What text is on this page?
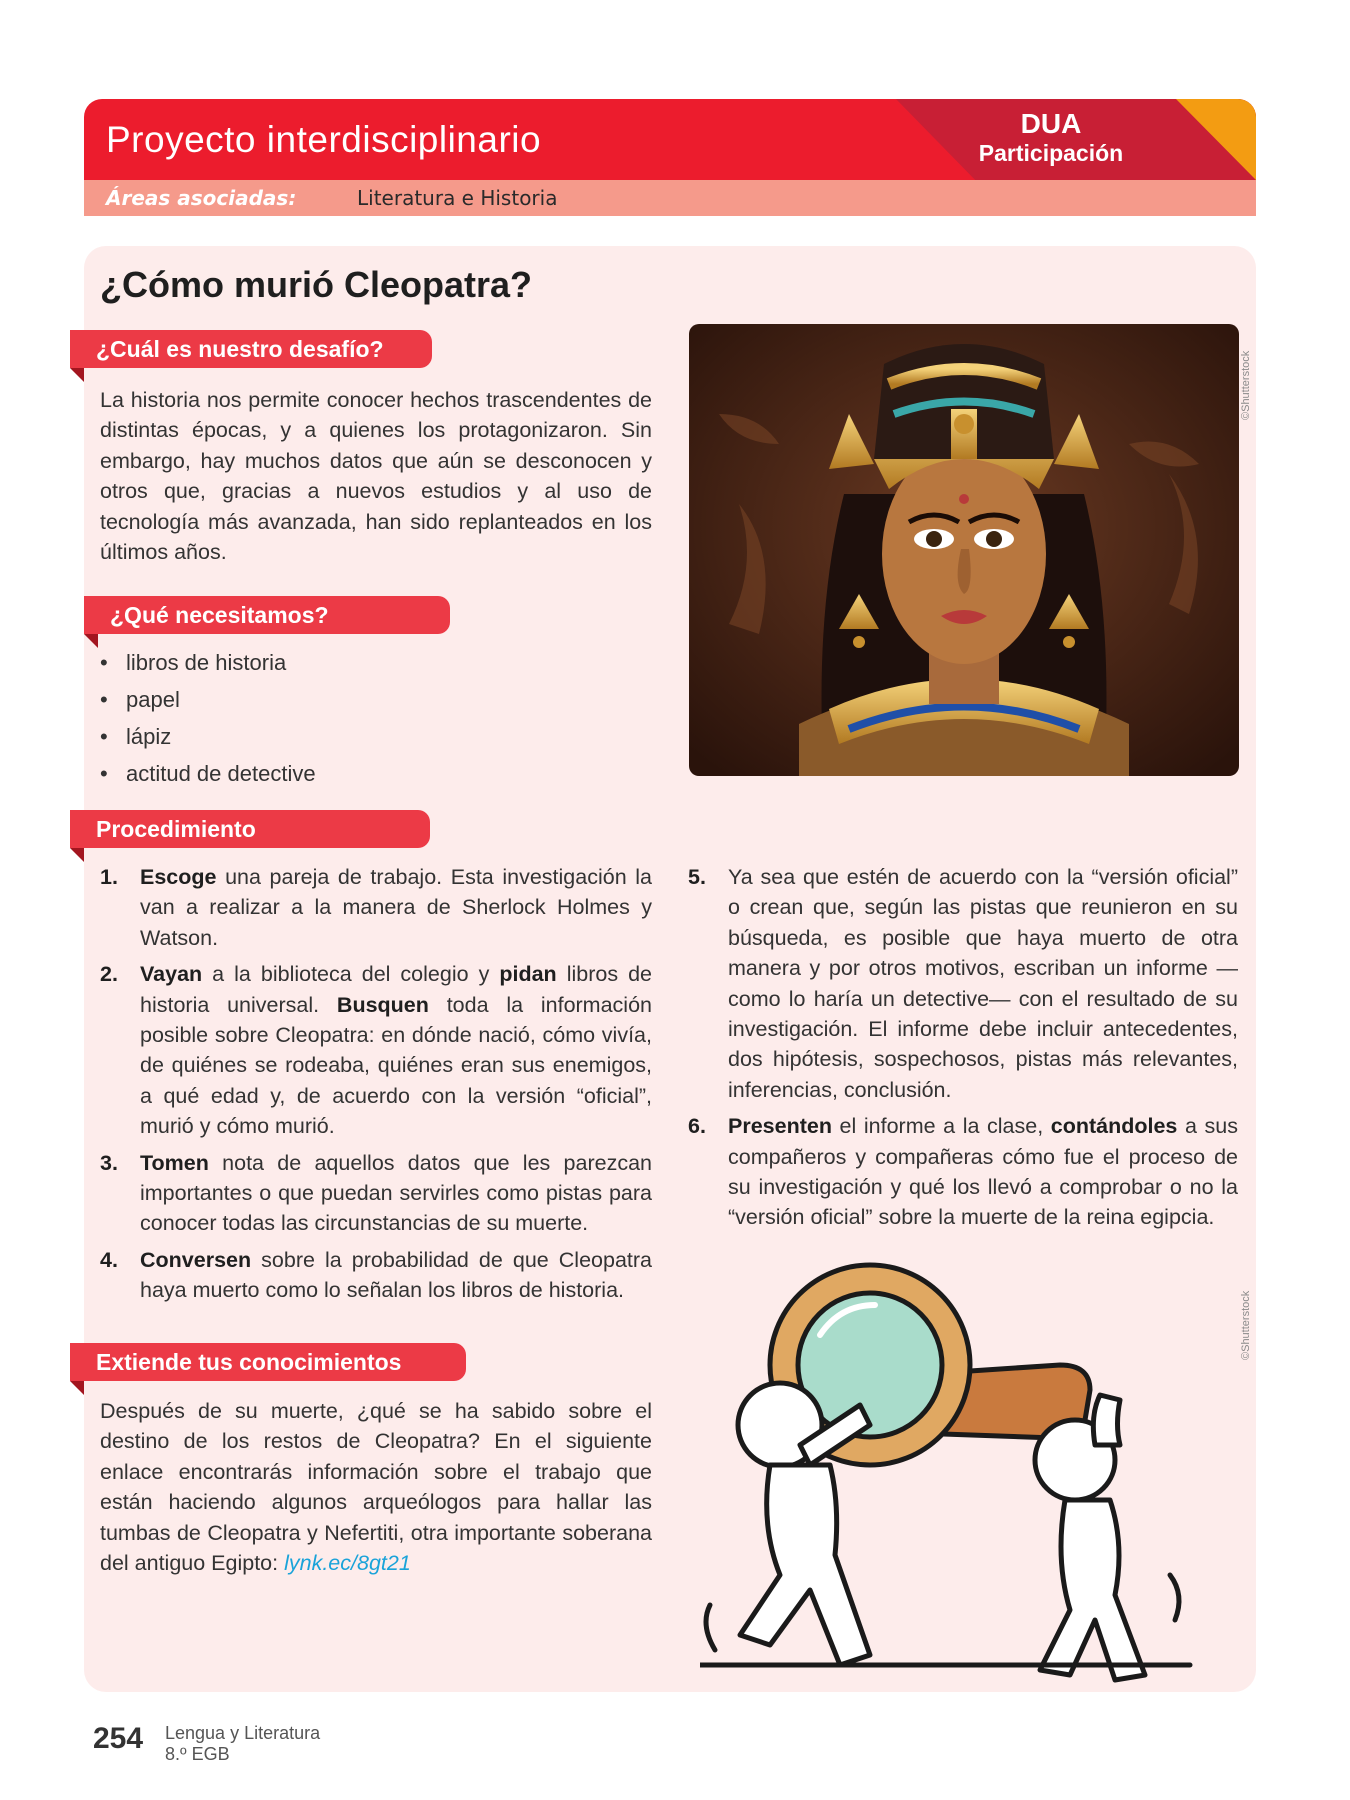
Proyecto interdisciplinario	DUA
Participación
Áreas asociadas:	Literatura e Historia
¿Cómo murió Cleopatra?
¿Cuál es nuestro desafío?
La historia nos permite conocer hechos trascendentes de distintas épocas, y a quienes los protagonizaron. Sin embargo, hay muchos datos que aún se desconocen y otros que, gracias a nuevos estudios y al uso de tecnología más avanzada, han sido replanteados en los últimos años.
¿Qué necesitamos?
• libros de historia
• papel
• lápiz
• actitud de detective
©Shutterstock
Procedimiento
1. Escoge una pareja de trabajo. Esta investigación la van a realizar a la manera de Sherlock Holmes y Watson.
2. Vayan a la biblioteca del colegio y pidan libros de historia universal. Busquen toda la información posible sobre Cleopatra: en dónde nació, cómo vivía, de quiénes se rodeaba, quiénes eran sus enemigos, a qué edad y, de acuerdo con la versión “oficial”, murió y cómo murió.
3. Tomen nota de aquellos datos que les parezcan importantes o que puedan servirles como pistas para conocer todas las circunstancias de su muerte.
4. Conversen sobre la probabilidad de que Cleopatra haya muerto como lo señalan los libros de historia.
5. Ya sea que estén de acuerdo con la “versión oficial” o crean que, según las pistas que reunieron en su búsqueda, es posible que haya muerto de otra manera y por otros motivos, escriban un informe —como lo haría un detective— con el resultado de su investigación. El informe debe incluir antecedentes, dos hipótesis, sospechosos, pistas más relevantes, inferencias, conclusión.
6. Presenten el informe a la clase, contándoles a sus compañeros y compañeras cómo fue el proceso de su investigación y qué los llevó a comprobar o no la “versión oficial” sobre la muerte de la reina egipcia.
Extiende tus conocimientos
Después de su muerte, ¿qué se ha sabido sobre el destino de los restos de Cleopatra? En el siguiente enlace encontrarás información sobre el trabajo que están haciendo algunos arqueólogos para hallar las tumbas de Cleopatra y Nefertiti, otra importante soberana del antiguo Egipto: lynk.ec/8gt21
©Shutterstock
254 Lengua y Literatura
8.º EGB
